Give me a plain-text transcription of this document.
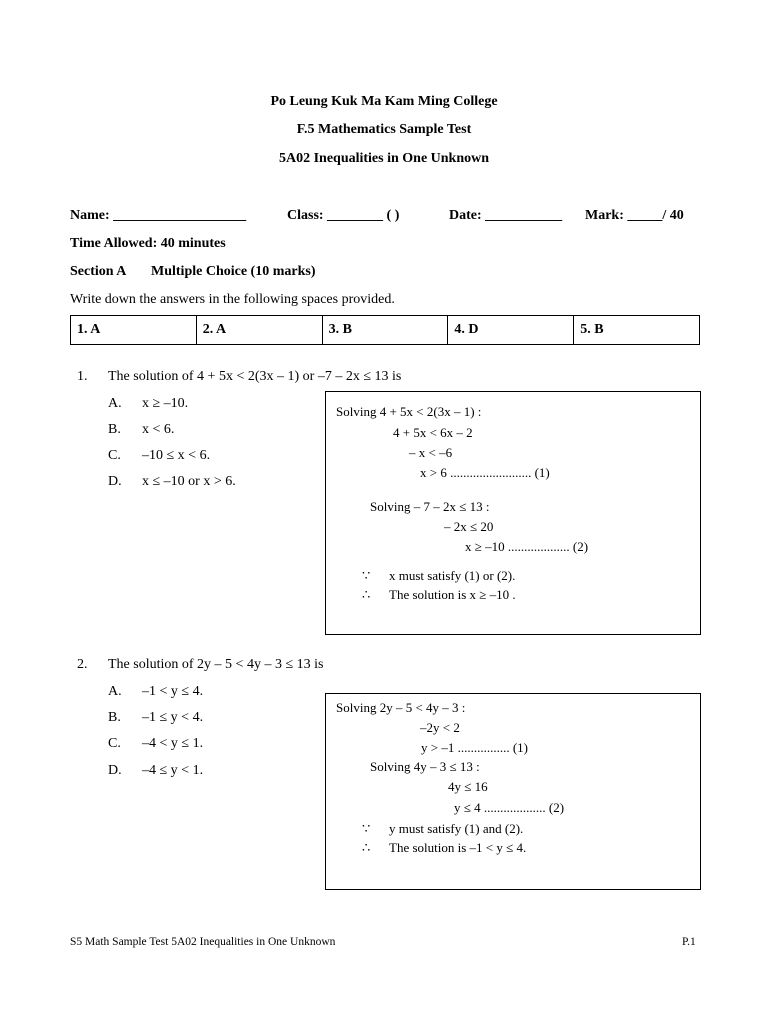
Po Leung Kuk Ma Kam Ming College
F.5 Mathematics Sample Test
5A02 Inequalities in One Unknown
Name: ___________________	Class: ________ ( )	Date: ___________ Mark: _____/ 40
Time Allowed: 40 minutes
Section A Multiple Choice (10 marks)
Write down the answers in the following spaces provided.
1. A	2. A	3. B	4. D	5. B
1. The solution of 4 + 5x < 2(3x – 1) or –7 – 2x ≤ 13 is
A. x ≥ –10.
B. x < 6.
C. –10 ≤ x < 6.
D. x ≤ –10 or x > 6.
Solving 4 + 5x < 2(3x – 1) :
4 + 5x < 6x – 2
– x < –6
x > 6 ......................... (1)
Solving – 7 – 2x ≤ 13 :
– 2x ≤ 20
x ≥ –10 ................... (2)
∵ x must satisfy (1) or (2).
∴ The solution is x ≥ –10 .
2. The solution of 2y – 5 < 4y – 3 ≤ 13 is
A. –1 < y ≤ 4.
B. –1 ≤ y < 4.
C. –4 < y ≤ 1.
D. –4 ≤ y < 1.
Solving 2y – 5 < 4y – 3 :
–2y < 2
y > –1 ................ (1)
Solving 4y – 3 ≤ 13 :
4y ≤ 16
y ≤ 4 ................... (2)
∵ y must satisfy (1) and (2).
∴ The solution is –1 < y ≤ 4.
S5 Math Sample Test 5A02 Inequalities in One Unknown	P.1
